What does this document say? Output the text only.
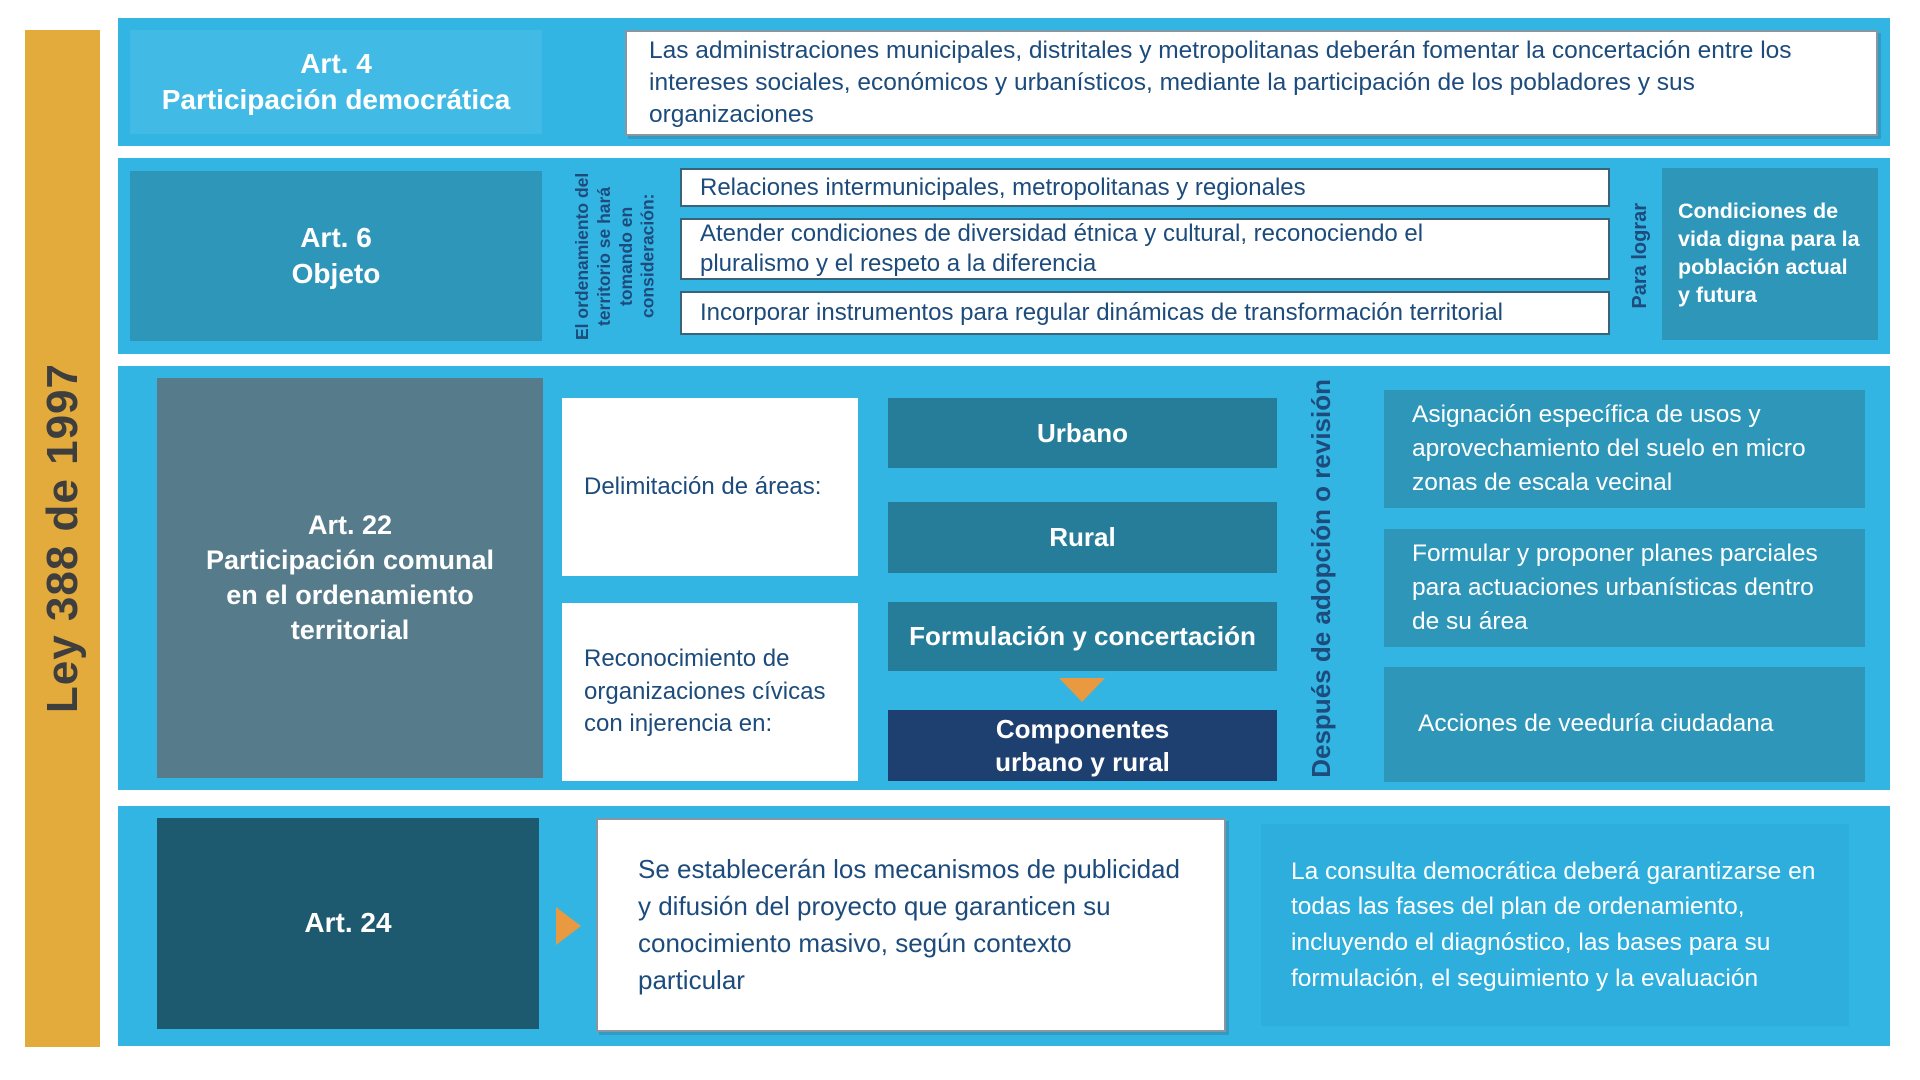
Ley 388 de 1997
Art. 4
Participación democrática
Las administraciones municipales, distritales y metropolitanas deberán fomentar la concertación entre los intereses sociales, económicos y urbanísticos, mediante la participación de los pobladores y sus organizaciones
Art. 6
Objeto	El ordenamiento del territorio se hará tomando en consideración:
Relaciones intermunicipales, metropolitanas y regionales
Atender condiciones de diversidad étnica y cultural, reconociendo el pluralismo y el respeto a la diferencia
Incorporar instrumentos para regular dinámicas de transformación territorial
Para lograr Condiciones de vida digna para la población actual y futura
Art. 22
Participación comunal en el ordenamiento territorial
Delimitación de áreas:
Reconocimiento de organizaciones cívicas con injerencia en:
Urbano
Rural
Formulación y concertación
Componentes
urbano y rural	Después de adopción o revisión	Asignación específica de usos y aprovechamiento del suelo en micro zonas de escala vecinal
Formular y proponer planes parciales para actuaciones urbanísticas dentro de su área
Acciones de veeduría ciudadana
Art. 24
Se establecerán los mecanismos de publicidad y difusión del proyecto que garanticen su conocimiento masivo, según contexto particular
La consulta democrática deberá garantizarse en todas las fases del plan de ordenamiento, incluyendo el diagnóstico, las bases para su formulación, el seguimiento y la evaluación
